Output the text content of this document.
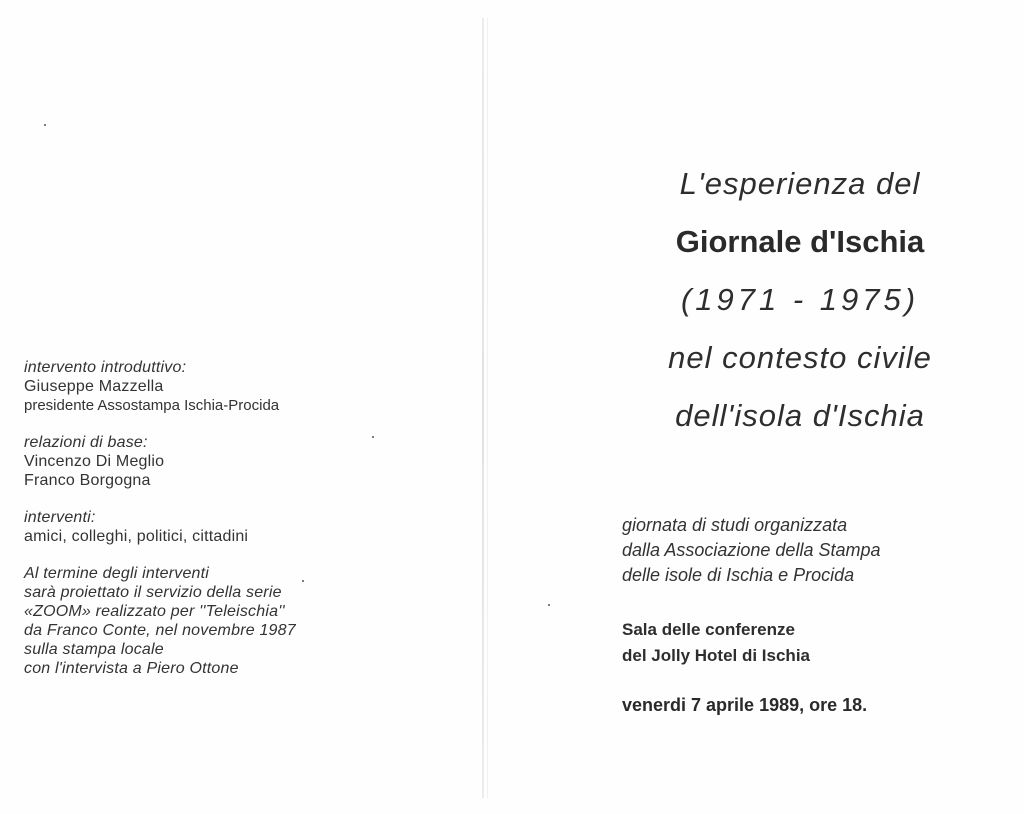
intervento introduttivo:
Giuseppe Mazzella
presidente Assostampa Ischia-Procida
relazioni di base:
Vincenzo Di Meglio
Franco Borgogna
interventi:
amici, colleghi, politici, cittadini
Al termine degli interventi
sarà proiettato il servizio della serie
«ZOOM» realizzato per ''Teleischia''
da Franco Conte, nel novembre 1987
sulla stampa locale
con l'intervista a Piero Ottone
L'esperienza del
Giornale d'Ischia
(1971 - 1975)
nel contesto civile
dell'isola d'Ischia
giornata di studi organizzata
dalla Associazione della Stampa
delle isole di Ischia e Procida
Sala delle conferenze
del Jolly Hotel di Ischia
venerdi 7 aprile 1989, ore 18.
